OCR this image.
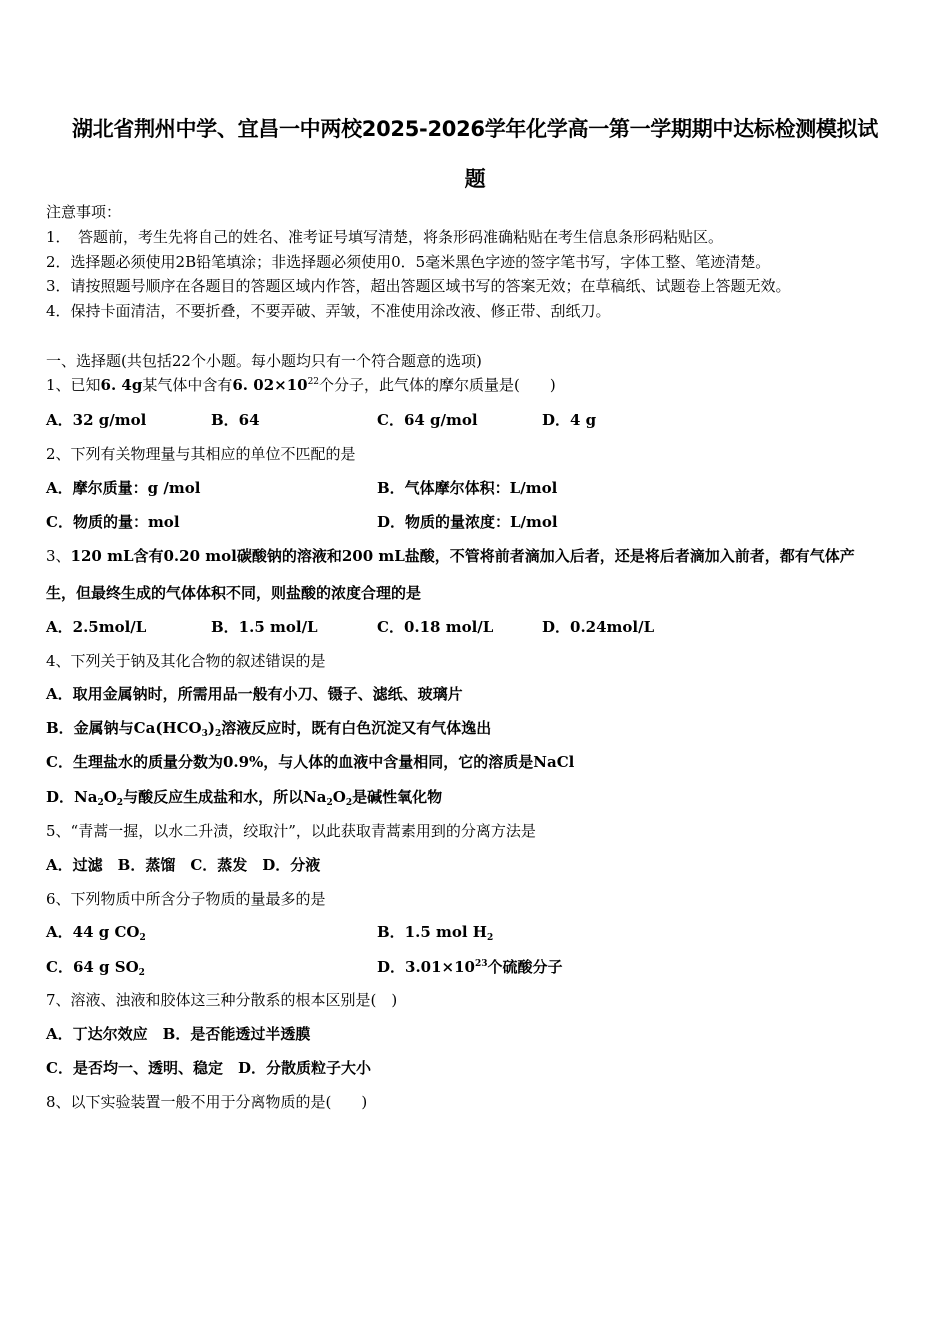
湖北省荆州中学、宜昌一中两校2025-2026学年化学高一第一学期期中达标检测模拟试
题
注意事项：
1．　答题前，考生先将自己的姓名、准考证号填写清楚，将条形码准确粘贴在考生信息条形码粘贴区。
2．选择题必须使用2B铅笔填涂；非选择题必须使用0．5毫米黑色字迹的签字笔书写，字体工整、笔迹清楚。
3．请按照题号顺序在各题目的答题区域内作答，超出答题区域书写的答案无效；在草稿纸、试题卷上答题无效。
4．保持卡面清洁，不要折叠，不要弄破、弄皱，不准使用涂改液、修正带、刮纸刀。
一、选择题(共包括22个小题。每小题均只有一个符合题意的选项)
1、已知6. 4g某气体中含有6. $02\times 10^{22}$个分子，此气体的摩尔质量是(　　)
A．32 g/mol	B．64	C．64 g/mol	D．4 g
2、下列有关物理量与其相应的单位不匹配的是
A．摩尔质量：g /mol	B．气体摩尔体积：L/mol
C．物质的量：mol	D．物质的量浓度：L/mol
3、120 mL含有0.20 mol碳酸钠的溶液和200 mL盐酸，不管将前者滴加入后者，还是将后者滴加入前者，都有气体产
生，但最终生成的气体体积不同，则盐酸的浓度合理的是
A．2.5mol/L	B．1.5 mol/L	C．0.18 mol/L	D．0.24mol/L
4、下列关于钠及其化合物的叙述错误的是
A．取用金属钠时，所需用品一般有小刀、镊子、滤纸、玻璃片
B．金属钠与$Ca(HCO_3)_2$溶液反应时，既有白色沉淀又有气体逸出
C．生理盐水的质量分数为0.9%，与人体的血液中含量相同，它的溶质是NaCl
D．$Na_2O_2$与酸反应生成盐和水，所以$Na_2O_2$是碱性氧化物
5、“青蒿一握，以水二升渍，绞取汁”，以此获取青蒿素用到的分离方法是
A．过滤　B．蒸馏　C．蒸发　D．分液
6、下列物质中所含分子物质的量最多的是
A．44 g $CO_2$	B．1.5 mol $H_2$
C．64 g $SO_2$	D．$3.01\times 10^{23}$个硫酸分子
7、溶液、浊液和胶体这三种分散系的根本区别是(　)
A．丁达尔效应　B．是否能透过半透膜
C．是否均一、透明、稳定　D．分散质粒子大小
8、以下实验装置一般不用于分离物质的是(　　)
